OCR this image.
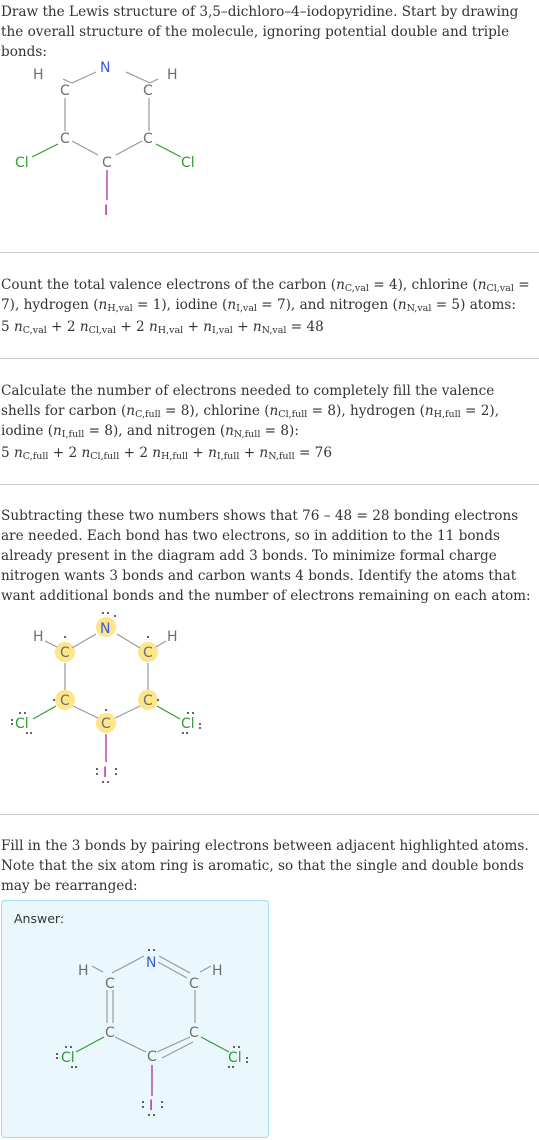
Draw the Lewis structure of 3,5–dichloro–4–iodopyridine. Start by drawing the overall structure of the molecule, ignoring potential double and triple bonds:

H
C
N
C
H
C	C
Cl	C	Cl
I

Count the total valence electrons of the carbon $(n_{C,val} = 4)$, chlorine $(n_{Cl,val} = 7)$, hydrogen $(n_{H,val} = 1)$, iodine $(n_{I,val} = 7)$, and nitrogen $(n_{N,val} = 5)$ atoms:

5 $n_{C,val} + 2$ $n_{Cl,val} + 2$ $n_{H,val} + n_{I,val} + n_{N,val} = 48$

Calculate the number of electrons needed to completely fill the valence shells for carbon $(n_{C,full} = 8)$, chlorine $(n_{Cl,full} = 8)$, hydrogen $(n_{H,full} = 2)$, iodine $(n_{I,full} = 8)$, and nitrogen $(n_{N,full} = 8)$:

5 $n_{C,full} + 2$ $n_{Cl,full} + 2$ $n_{H,full} + n_{I,full} + n_{N,full} = 76$

Subtracting these two numbers shows that 76 – 48 = 28 bonding electrons are needed. Each bond has two electrons, so in addition to the 11 bonds already present in the diagram add 3 bonds. To minimize formal charge nitrogen wants 3 bonds and carbon wants 4 bonds. Identify the atoms that want additional bonds and the number of electrons remaining on each atom:

N
C	C
H	H
C	C
C
Cl	Cl
I

Fill in the 3 bonds by pairing electrons between adjacent highlighted atoms. Note that the six atom ring is aromatic, so that the single and double bonds may be rearranged:

Answer:
N
H
C	C
H
C	C
C
Cl	Cl
I
